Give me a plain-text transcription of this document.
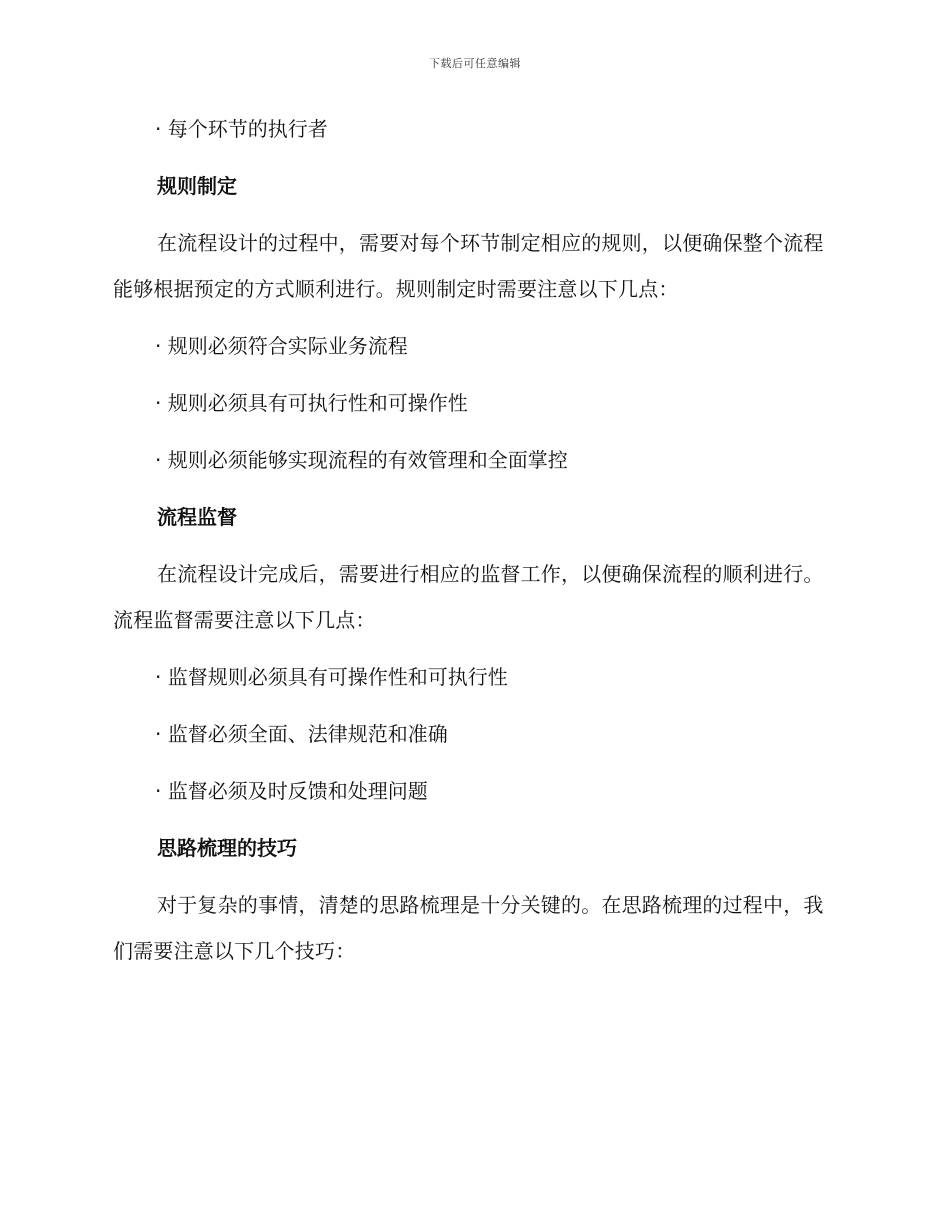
下载后可任意编辑
· 每个环节的执行者
规则制定
在流程设计的过程中，需要对每个环节制定相应的规则，以便确保整个流程能够根据预定的方式顺利进行。规则制定时需要注意以下几点：
· 规则必须符合实际业务流程
· 规则必须具有可执行性和可操作性
· 规则必须能够实现流程的有效管理和全面掌控
流程监督
在流程设计完成后，需要进行相应的监督工作，以便确保流程的顺利进行。流程监督需要注意以下几点：
· 监督规则必须具有可操作性和可执行性
· 监督必须全面、法律规范和准确
· 监督必须及时反馈和处理问题
思路梳理的技巧
对于复杂的事情，清楚的思路梳理是十分关键的。在思路梳理的过程中，我们需要注意以下几个技巧：
